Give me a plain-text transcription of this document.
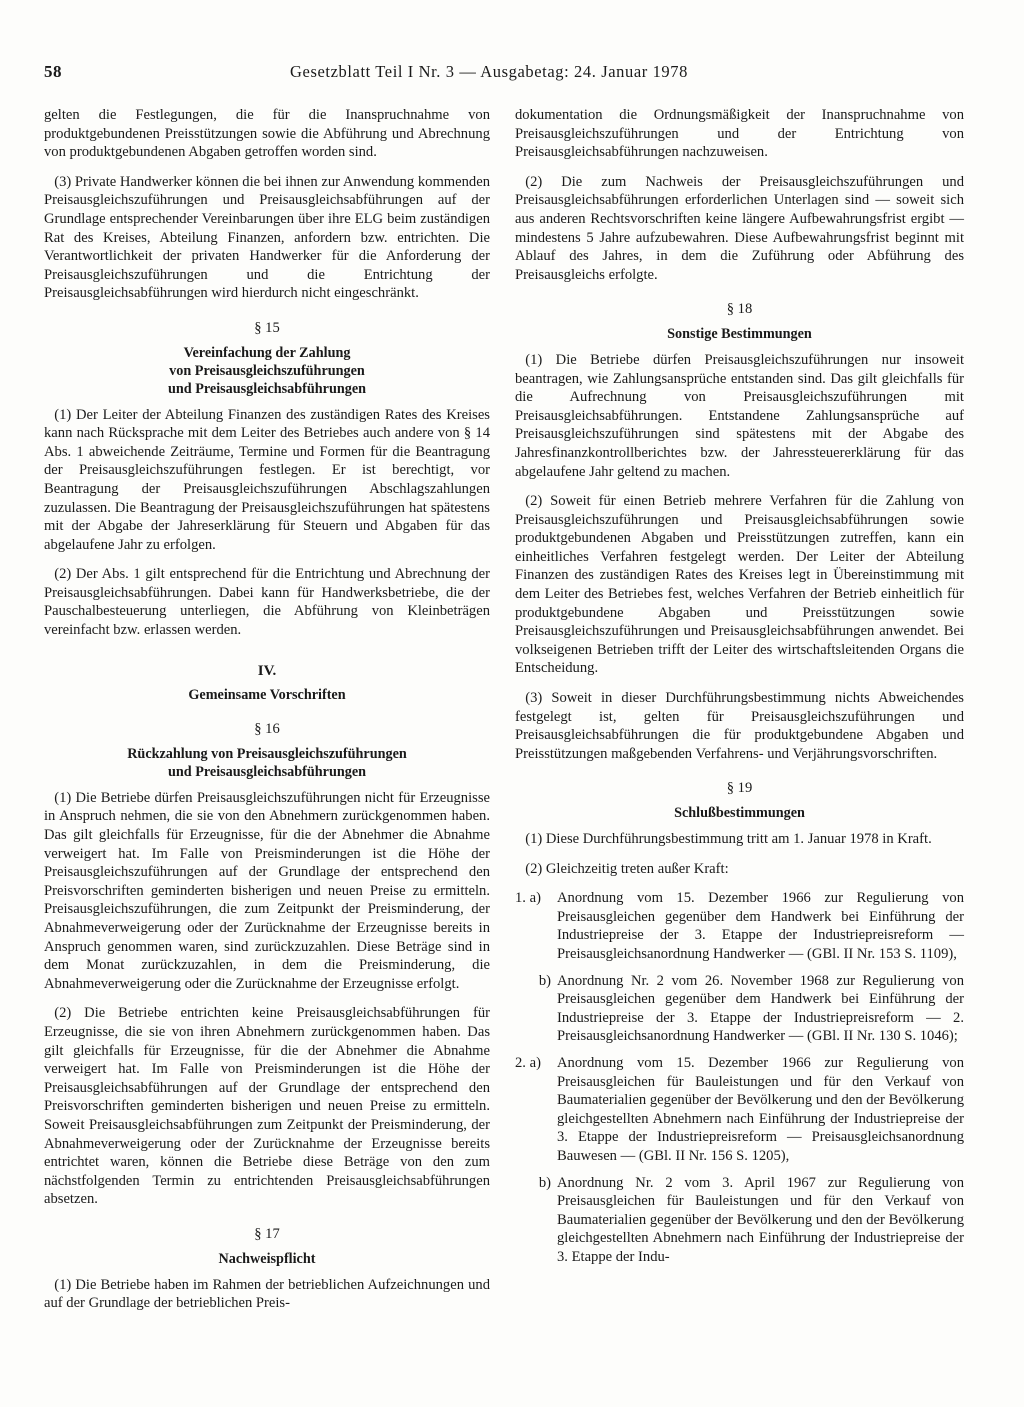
58	Gesetzblatt Teil I Nr. 3 — Ausgabetag: 24. Januar 1978

gelten die Festlegungen, die für die Inanspruchnahme von produktgebundenen Preisstützungen sowie die Abführung und Abrechnung von produktgebundenen Abgaben getroffen worden sind.

(3) Private Handwerker können die bei ihnen zur Anwendung kommenden Preisausgleichszuführungen und Preisausgleichsabführungen auf der Grundlage entsprechender Vereinbarungen über ihre ELG beim zuständigen Rat des Kreises, Abteilung Finanzen, anfordern bzw. entrichten. Die Verantwortlichkeit der privaten Handwerker für die Anforderung der Preisausgleichszuführungen und die Entrichtung der Preisausgleichsabführungen wird hierdurch nicht eingeschränkt.

§ 15
Vereinfachung der Zahlung
von Preisausgleichszuführungen
und Preisausgleichsabführungen

(1) Der Leiter der Abteilung Finanzen des zuständigen Rates des Kreises kann nach Rücksprache mit dem Leiter des Betriebes auch andere von § 14 Abs. 1 abweichende Zeiträume, Termine und Formen für die Beantragung der Preisausgleichszuführungen festlegen. Er ist berechtigt, vor Beantragung der Preisausgleichszuführungen Abschlagszahlungen zuzulassen. Die Beantragung der Preisausgleichszuführungen hat spätestens mit der Abgabe der Jahreserklärung für Steuern und Abgaben für das abgelaufene Jahr zu erfolgen.

(2) Der Abs. 1 gilt entsprechend für die Entrichtung und Abrechnung der Preisausgleichsabführungen. Dabei kann für Handwerksbetriebe, die der Pauschalbesteuerung unterliegen, die Abführung von Kleinbeträgen vereinfacht bzw. erlassen werden.

IV.
Gemeinsame Vorschriften
§ 16
Rückzahlung von Preisausgleichszuführungen
und Preisausgleichsabführungen

(1) Die Betriebe dürfen Preisausgleichszuführungen nicht für Erzeugnisse in Anspruch nehmen, die sie von den Abnehmern zurückgenommen haben. Das gilt gleichfalls für Erzeugnisse, für die der Abnehmer die Abnahme verweigert hat. Im Falle von Preisminderungen ist die Höhe der Preisausgleichszuführungen auf der Grundlage der entsprechend den Preisvorschriften geminderten bisherigen und neuen Preise zu ermitteln. Preisausgleichszuführungen, die zum Zeitpunkt der Preisminderung, der Abnahmeverweigerung oder der Zurücknahme der Erzeugnisse bereits in Anspruch genommen waren, sind zurückzuzahlen. Diese Beträge sind in dem Monat zurückzuzahlen, in dem die Preisminderung, die Abnahmeverweigerung oder die Zurücknahme der Erzeugnisse erfolgt.

(2) Die Betriebe entrichten keine Preisausgleichsabführungen für Erzeugnisse, die sie von ihren Abnehmern zurückgenommen haben. Das gilt gleichfalls für Erzeugnisse, für die der Abnehmer die Abnahme verweigert hat. Im Falle von Preisminderungen ist die Höhe der Preisausgleichsabführungen auf der Grundlage der entsprechend den Preisvorschriften geminderten bisherigen und neuen Preise zu ermitteln. Soweit Preisausgleichsabführungen zum Zeitpunkt der Preisminderung, der Abnahmeverweigerung oder der Zurücknahme der Erzeugnisse bereits entrichtet waren, können die Betriebe diese Beträge von den zum nächstfolgenden Termin zu entrichtenden Preisausgleichsabführungen absetzen.

§ 17
Nachweispflicht

(1) Die Betriebe haben im Rahmen der betrieblichen Aufzeichnungen und auf der Grundlage der betrieblichen Preis-

dokumentation die Ordnungsmäßigkeit der Inanspruchnahme von Preisausgleichszuführungen und der Entrichtung von Preisausgleichsabführungen nachzuweisen.

(2) Die zum Nachweis der Preisausgleichszuführungen und Preisausgleichsabführungen erforderlichen Unterlagen sind — soweit sich aus anderen Rechtsvorschriften keine längere Aufbewahrungsfrist ergibt — mindestens 5 Jahre aufzubewahren. Diese Aufbewahrungsfrist beginnt mit Ablauf des Jahres, in dem die Zuführung oder Abführung des Preisausgleichs erfolgte.

§ 18
Sonstige Bestimmungen

(1) Die Betriebe dürfen Preisausgleichszuführungen nur insoweit beantragen, wie Zahlungsansprüche entstanden sind. Das gilt gleichfalls für die Aufrechnung von Preisausgleichszuführungen mit Preisausgleichsabführungen. Entstandene Zahlungsansprüche auf Preisausgleichszuführungen sind spätestens mit der Abgabe des Jahresfinanzkontrollberichtes bzw. der Jahressteuererklärung für das abgelaufene Jahr geltend zu machen.

(2) Soweit für einen Betrieb mehrere Verfahren für die Zahlung von Preisausgleichszuführungen und Preisausgleichsabführungen sowie produktgebundenen Abgaben und Preisstützungen zutreffen, kann ein einheitliches Verfahren festgelegt werden. Der Leiter der Abteilung Finanzen des zuständigen Rates des Kreises legt in Übereinstimmung mit dem Leiter des Betriebes fest, welches Verfahren der Betrieb einheitlich für produktgebundene Abgaben und Preisstützungen sowie Preisausgleichszuführungen und Preisausgleichsabführungen anwendet. Bei volkseigenen Betrieben trifft der Leiter des wirtschaftsleitenden Organs die Entscheidung.

(3) Soweit in dieser Durchführungsbestimmung nichts Abweichendes festgelegt ist, gelten für Preisausgleichszuführungen und Preisausgleichsabführungen die für produktgebundene Abgaben und Preisstützungen maßgebenden Verfahrens- und Verjährungsvorschriften.

§ 19
Schlußbestimmungen

(1) Diese Durchführungsbestimmung tritt am 1. Januar 1978 in Kraft.

(2) Gleichzeitig treten außer Kraft:

1. a)	Anordnung vom 15. Dezember 1966 zur Regulierung von Preisausgleichen gegenüber dem Handwerk bei Einführung der Industriepreise der 3. Etappe der Industriepreisreform — Preisausgleichsanordnung Handwerker — (GBl. II Nr. 153 S. 1109),
b) Anordnung Nr. 2 vom 26. November 1968 zur Regulierung von Preisausgleichen gegenüber dem Handwerk bei Einführung der Industriepreise der 3. Etappe der Industriepreisreform — 2. Preisausgleichsanordnung Handwerker — (GBl. II Nr. 130 S. 1046);
2. a)	Anordnung vom 15. Dezember 1966 zur Regulierung von Preisausgleichen für Bauleistungen und für den Verkauf von Baumaterialien gegenüber der Bevölkerung und den der Bevölkerung gleichgestellten Abnehmern nach Einführung der Industriepreise der 3. Etappe der Industriepreisreform — Preisausgleichsanordnung Bauwesen — (GBl. II Nr. 156 S. 1205),
b) Anordnung Nr. 2 vom 3. April 1967 zur Regulierung von Preisausgleichen für Bauleistungen und für den Verkauf von Baumaterialien gegenüber der Bevölkerung und den der Bevölkerung gleichgestellten Abnehmern nach Einführung der Industriepreise der 3. Etappe der Indu-
